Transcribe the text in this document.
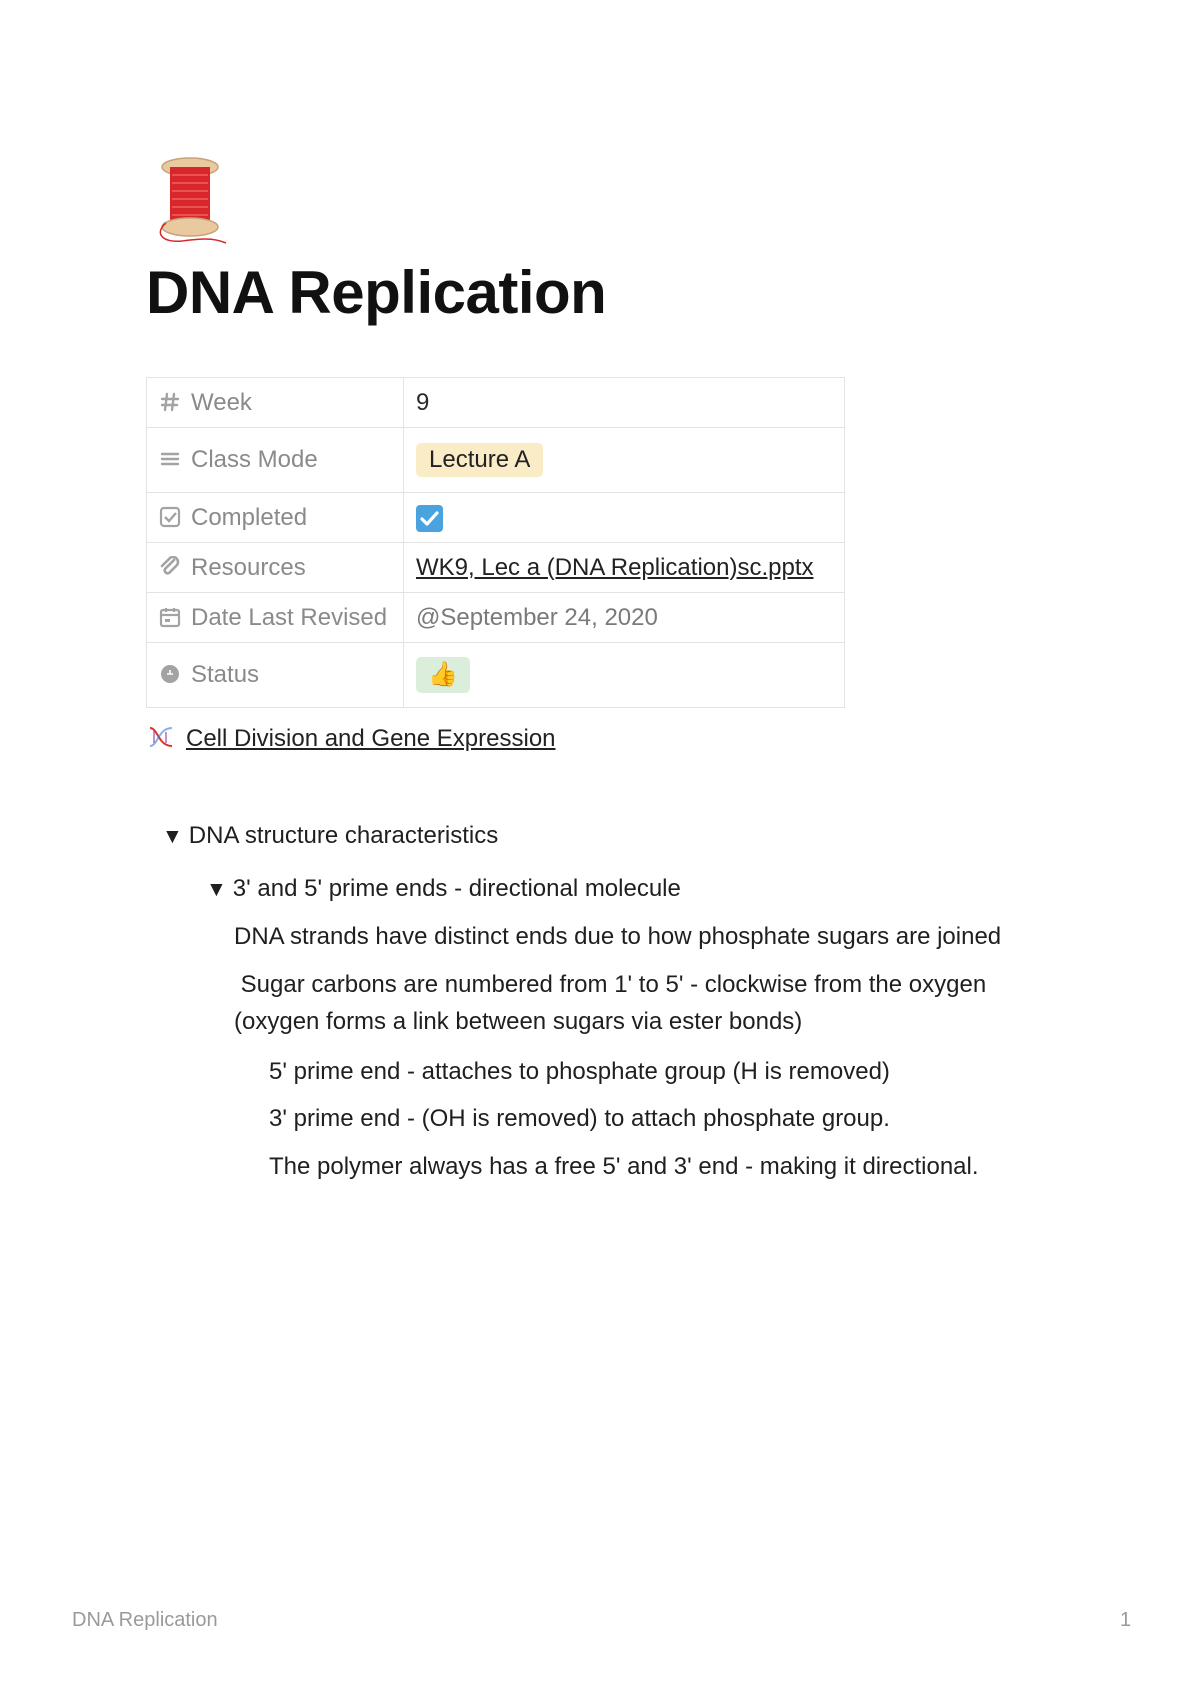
DNA Replication
Week	9
Class Mode	Lecture A
Completed	

Resources	WK9, Lec a (DNA Replication)sc.pptx
Date Last Revised	@September 24, 2020
Status	👍
Cell Division and Gene Expression
▼ DNA structure characteristics
▼ 3' and 5' prime ends - directional molecule
DNA strands have distinct ends due to how phosphate sugars are joined
Sugar carbons are numbered from 1' to 5' - clockwise from the oxygen
(oxygen forms a link between sugars via ester bonds)
5' prime end - attaches to phosphate group (H is removed)
3' prime end - (OH is removed) to attach phosphate group.
The polymer always has a free 5' and 3' end - making it directional.
DNA Replication	1
